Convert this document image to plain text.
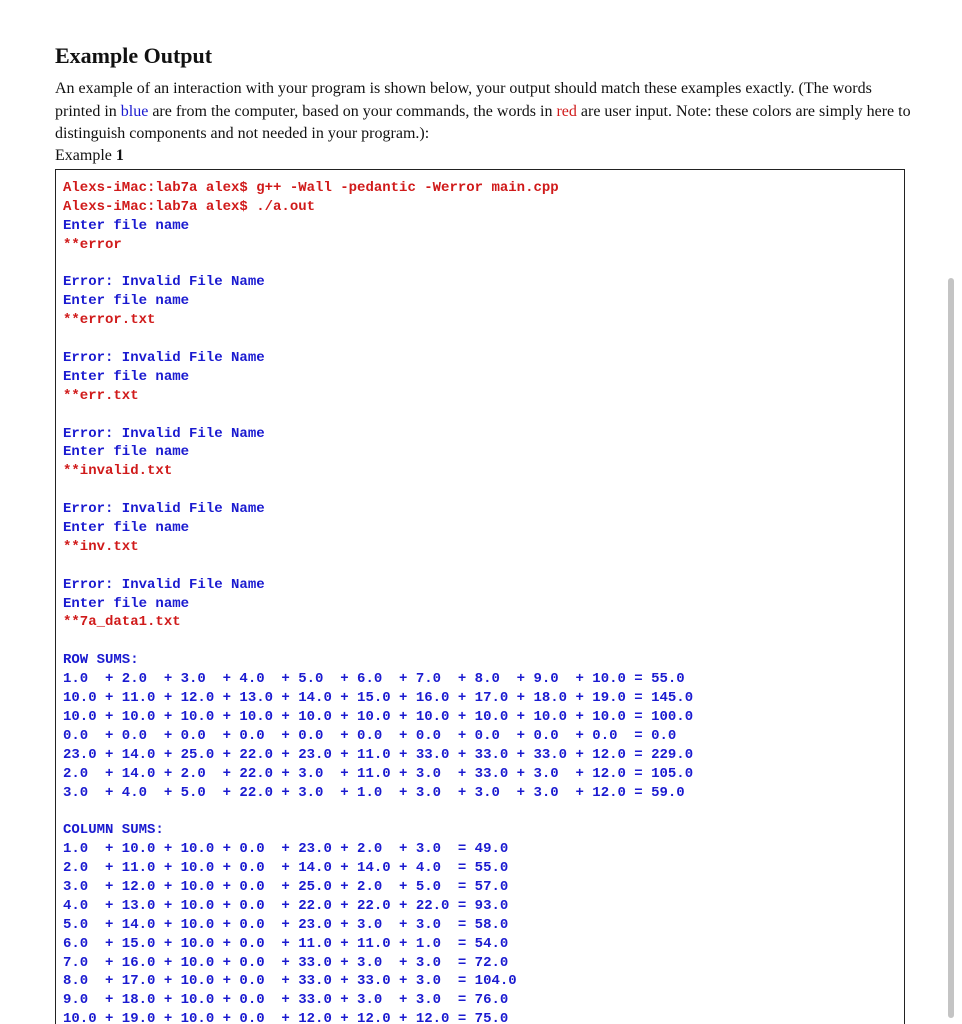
Example Output

An example of an interaction with your program is shown below, your output should match these examples exactly. (The words printed in blue are from the computer, based on your commands, the words in red are user input. Note: these colors are simply here to distinguish components and not needed in your program.):

Example 1
Alexs-iMac:lab7a alex$ g++ -Wall -pedantic -Werror main.cpp
Alexs-iMac:lab7a alex$ ./a.out
Enter file name
**error
Error: Invalid File Name
Enter file name
**error.txt
Error: Invalid File Name
Enter file name
**err.txt
Error: Invalid File Name
Enter file name
**invalid.txt
Error: Invalid File Name
Enter file name
**inv.txt
Error: Invalid File Name
Enter file name
**7a_data1.txt
ROW SUMS:
1.0  + 2.0  + 3.0  + 4.0  + 5.0  + 6.0  + 7.0  + 8.0  + 9.0  + 10.0 = 55.0
10.0 + 11.0 + 12.0 + 13.0 + 14.0 + 15.0 + 16.0 + 17.0 + 18.0 + 19.0 = 145.0
10.0 + 10.0 + 10.0 + 10.0 + 10.0 + 10.0 + 10.0 + 10.0 + 10.0 + 10.0 = 100.0
0.0  + 0.0  + 0.0  + 0.0  + 0.0  + 0.0  + 0.0  + 0.0  + 0.0  + 0.0  = 0.0
23.0 + 14.0 + 25.0 + 22.0 + 23.0 + 11.0 + 33.0 + 33.0 + 33.0 + 12.0 = 229.0
2.0  + 14.0 + 2.0  + 22.0 + 3.0  + 11.0 + 3.0  + 33.0 + 3.0  + 12.0 = 105.0
3.0  + 4.0  + 5.0  + 22.0 + 3.0  + 1.0  + 3.0  + 3.0  + 3.0  + 12.0 = 59.0
COLUMN SUMS:
1.0  + 10.0 + 10.0 + 0.0  + 23.0 + 2.0  + 3.0  = 49.0
2.0  + 11.0 + 10.0 + 0.0  + 14.0 + 14.0 + 4.0  = 55.0
3.0  + 12.0 + 10.0 + 0.0  + 25.0 + 2.0  + 5.0  = 57.0
4.0  + 13.0 + 10.0 + 0.0  + 22.0 + 22.0 + 22.0 = 93.0
5.0  + 14.0 + 10.0 + 0.0  + 23.0 + 3.0  + 3.0  = 58.0
6.0  + 15.0 + 10.0 + 0.0  + 11.0 + 11.0 + 1.0  = 54.0
7.0  + 16.0 + 10.0 + 0.0  + 33.0 + 3.0  + 3.0  = 72.0
8.0  + 17.0 + 10.0 + 0.0  + 33.0 + 33.0 + 3.0  = 104.0
9.0  + 18.0 + 10.0 + 0.0  + 33.0 + 3.0  + 3.0  = 76.0
10.0 + 19.0 + 10.0 + 0.0  + 12.0 + 12.0 + 12.0 = 75.0
